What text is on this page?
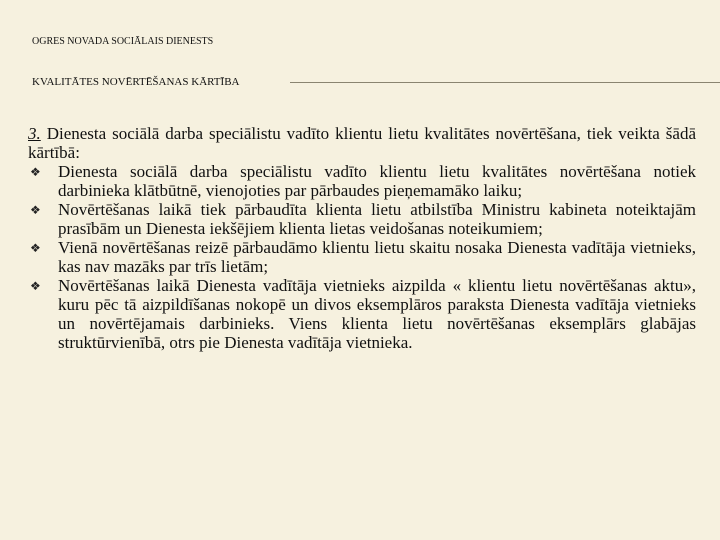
OGRES NOVADA SOCIĀLAIS DIENESTS
KVALITĀTES NOVĒRTĒŠANAS KĀRTĪBA

3. Dienesta sociālā darba speciālistu vadīto klientu lietu kvalitātes novērtēšana, tiek veikta šādā kārtībā:

❖ Dienesta sociālā darba speciālistu vadīto klientu lietu kvalitātes novērtēšana notiek darbinieka klātbūtnē, vienojoties par pārbaudes pieņemamāko laiku;
❖ Novērtēšanas laikā tiek pārbaudīta klienta lietu atbilstība Ministru kabineta noteiktajām prasībām un Dienesta iekšējiem klienta lietas veidošanas noteikumiem;
❖ Vienā novērtēšanas reizē pārbaudāmo klientu lietu skaitu nosaka Dienesta vadītāja vietnieks, kas nav mazāks par trīs lietām;
❖ Novērtēšanas laikā Dienesta vadītāja vietnieks aizpilda « klientu lietu novērtēšanas aktu», kuru pēc tā aizpildīšanas nokopē un divos eksemplāros paraksta Dienesta vadītāja vietnieks un novērtējamais darbinieks. Viens klienta lietu novērtēšanas eksemplārs glabājas struktūrvienībā, otrs pie Dienesta vadītāja vietnieka.
